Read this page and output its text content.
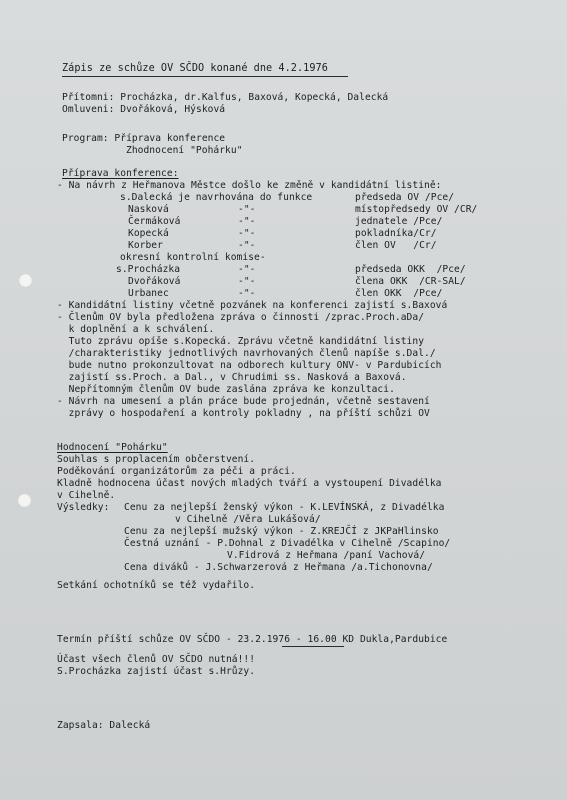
Zápis ze schůze OV SČDO konané dne 4.2.1976
Přítomni: Procházka, dr.Kalfus, Baxová, Kopecká, Dalecká
Omluveni: Dvořáková, Hýsková
Program: Příprava konference
Zhodnocení "Pohárku"
Příprava konference:
- Na návrh z Heřmanova Městce došlo ke změně v kandidátní listině:
s.Dalecká je navrhována do funkce	předseda OV /Pce/
Nasková	-"-	místopředsedy OV /CR/
Čermáková	-"-	jednatele /Pce/
Kopecká	-"-	pokladníka/Cr/
Korber	-"-	člen OV   /Cr/
okresní kontrolní komise-
s.Procházka	-"-	předseda OKK  /Pce/
Dvořáková	-"-	člena OKK  /CR-SAL/
Urbanec	-"-	člen OKK  /Pce/
- Kandidátní listiny včetně pozvánek na konferenci zajistí s.Baxová
- Členům OV byla předložena zpráva o činnosti /zprac.Proch.aDa/
k doplnění a k schválení.
Tuto zprávu opíše s.Kopecká. Zprávu včetně kandidátní listiny
/charakteristiky jednotlivých navrhovaných členů napíše s.Dal./
bude nutno prokonzultovat na odborech kultury ONV- v Pardubicích
zajistí ss.Proch. a Dal., v Chrudimi ss. Nasková a Baxová.
Nepřítomným členům OV bude zaslána zpráva ke konzultaci.
- Návrh na umesení a plán práce bude projednán, včetně sestavení
zprávy o hospodaření a kontroly pokladny , na příští schůzi OV
Hodnocení "Pohárku"
Souhlas s proplacením občerstvení.
Poděkování organizátorům za péči a práci.
Kladně hodnocena účast nových mladých tváří a vystoupení Divadélka
v Cihelně.
Výsledky: Cenu za nejlepší ženský výkon - K.LEVÍNSKÁ, z Divadélka
v Cihelně /Věra Lukášová/
Cenu za nejlepší mužský výkon - Z.KREJČÍ z JKPaHlinsko
Čestná uznání - P.Dohnal z Divadélka v Cihelně /Scapino/
V.Fidrová z Heřmana /paní Vachová/
Cena diváků - J.Schwarzerová z Heřmana /a.Tichonovna/
Setkání ochotníků se též vydařilo.
Termín příští schůze OV SČDO - 23.2.1976 - 16.00 KD Dukla,Pardubice
Účast všech členů OV SČDO nutná!!!
S.Procházka zajistí účast s.Hrůzy.
Zapsala: Dalecká
